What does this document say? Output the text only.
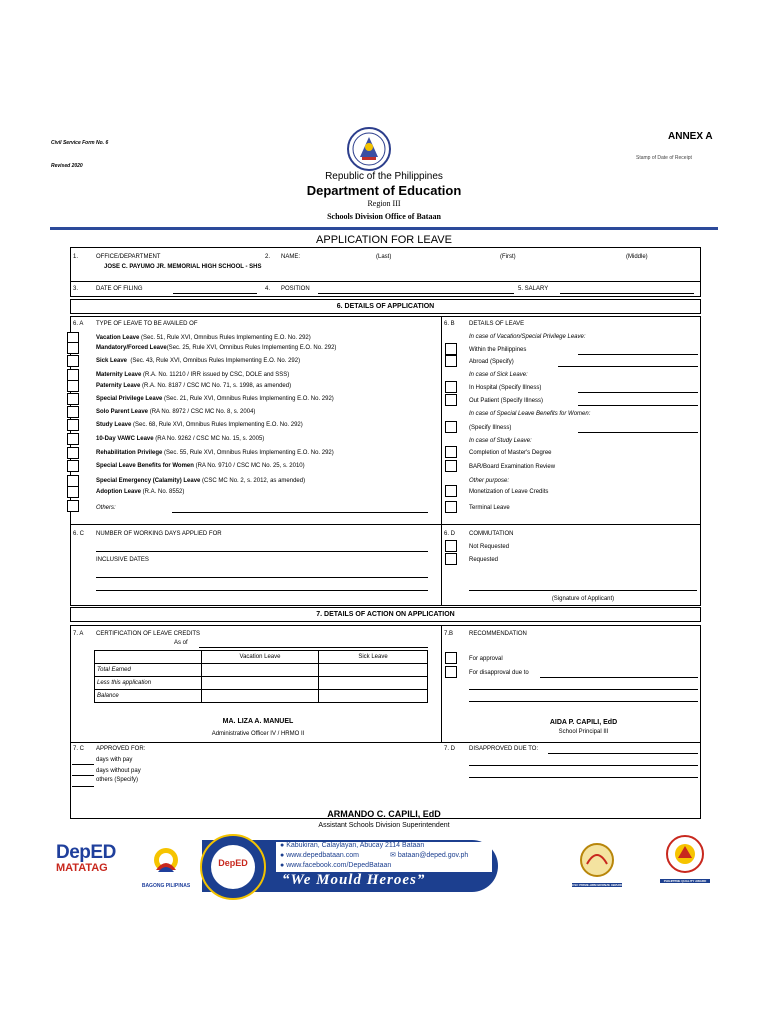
Civil Service Form No. 6
Revised 2020
ANNEX A
Stamp of Date of Receipt
Republic of the Philippines
Department of Education
Region III
Schools Division Office of Bataan
APPLICATION FOR LEAVE
1.	OFFICE/DEPARTMENT
JOSE C. PAYUMO JR. MEMORIAL HIGH SCHOOL - SHS
2. NAME:	(Last)	(First)	(Middle)
3.	DATE OF FILING	4. POSITION	5. SALARY
6. DETAILS OF APPLICATION
6. A TYPE OF LEAVE TO BE AVAILED OF
Vacation Leave (Sec. 51, Rule XVI, Omnibus Rules Implementing E.O. No. 292)
Mandatory/Forced Leave(Sec. 25, Rule XVI, Omnibus Rules Implementing E.O. No. 292)
Sick Leave  (Sec. 43, Rule XVI, Omnibus Rules Implementing E.O. No. 292)
Maternity Leave (R.A. No. 11210 / IRR issued by CSC, DOLE and SSS)
Paternity Leave (R.A. No. 8187 / CSC MC No. 71, s. 1998, as amended)
Special Privilege Leave (Sec. 21, Rule XVI, Omnibus Rules Implementing E.O. No. 292)
Solo Parent Leave (RA No. 8972 / CSC MC No. 8, s. 2004)
Study Leave (Sec. 68, Rule XVI, Omnibus Rules Implementing E.O. No. 292)
10-Day VAWC Leave (RA No. 9262 / CSC MC No. 15, s. 2005)
Rehabilitation Privilege (Sec. 55, Rule XVI, Omnibus Rules Implementing E.O. No. 292)
Special Leave Benefits for Women (RA No. 9710 / CSC MC No. 25, s. 2010)
Special Emergency (Calamity) Leave (CSC MC No. 2, s. 2012, as amended)
Adoption Leave (R.A. No. 8552)
Others:
6. B DETAILS OF LEAVE
In case of Vacation/Special Privilege Leave:
Within the Philippines
Abroad (Specify)
In case of Sick Leave:
In Hospital (Specify Illness)
Out Patient (Specify Illness)
In case of Special Leave Benefits for Women:
(Specify Illness)
In case of Study Leave:
Completion of Master's Degree
BAR/Board Examination Review
Other purpose:
Monetization of Leave Credits
Terminal Leave
6. C NUMBER OF WORKING DAYS APPLIED FOR
INCLUSIVE DATES
6. D COMMUTATION
Not Requested
Requested
(Signature of Applicant)
7. DETAILS OF ACTION ON APPLICATION
7. A CERTIFICATION OF LEAVE CREDITS
As of
	Vacation Leave	Sick Leave
Total Earned		
Less this application		
Balance		
MA. LIZA A. MANUEL
Administrative Officer IV / HRMO II
7.B	RECOMMENDATION
For approval
For disapproval due to
AIDA P. CAPILI, EdD
School Principal III
7. C APPROVED FOR:
days with pay
days without pay
others (Specify)
7. D DISAPPROVED DUE TO:
ARMANDO C. CAPILI, EdD
Assistant Schools Division Superintendent
DepED
MATATAG
BAGONG PILIPINAS
DepED
● Kabukiran, Calaylayan, Abucay 2114 Bataan
● www.depedbataan.com	✉ bataan@deped.gov.ph
● www.facebook.com/DepedBataan
“We Mould Heroes”	CSC PRIME-HRM BRONZE AWARD
PHILIPPINE QUALITY AWARD
